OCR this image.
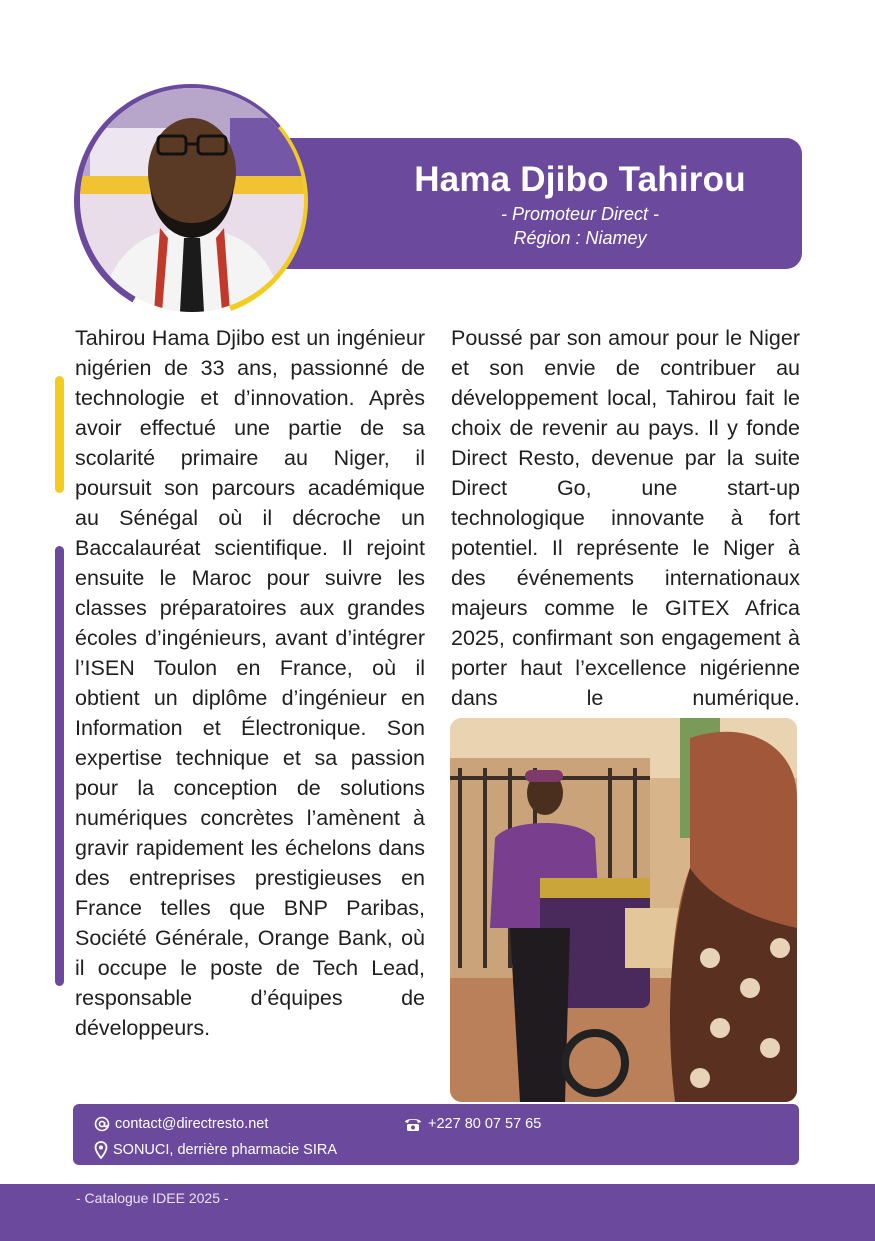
Hama Djibo Tahirou
- Promoteur Direct -
Région : Niamey
Tahirou Hama Djibo est un ingénieur nigérien de 33 ans, passionné de technologie et d’innovation. Après avoir effectué une partie de sa scolarité primaire au Niger, il poursuit son parcours académique au Sénégal où il décroche un Baccalauréat scientifique. Il rejoint ensuite le Maroc pour suivre les classes préparatoires aux grandes écoles d’ingénieurs, avant d’intégrer l’ISEN Toulon en France, où il obtient un diplôme d’ingénieur en Information et Électronique. Son expertise technique et sa passion pour la conception de solutions numériques concrètes l’amènent à gravir rapidement les échelons dans des entreprises prestigieuses en France telles que BNP Paribas, Société Générale, Orange Bank, où il occupe le poste de Tech Lead, responsable d’équipes de développeurs.
Poussé par son amour pour le Niger et son envie de contribuer au développement local, Tahirou fait le choix de revenir au pays. Il y fonde Direct Resto, devenue par la suite Direct Go, une start-up technologique innovante à fort potentiel. Il représente le Niger à des événements internationaux majeurs comme le GITEX Africa 2025, confirmant son engagement à porter haut l’excellence nigérienne dans le numérique.
contact@directresto.net	+227 80 07 57 65
SONUCI, derrière pharmacie SIRA
- Catalogue IDEE 2025 -
